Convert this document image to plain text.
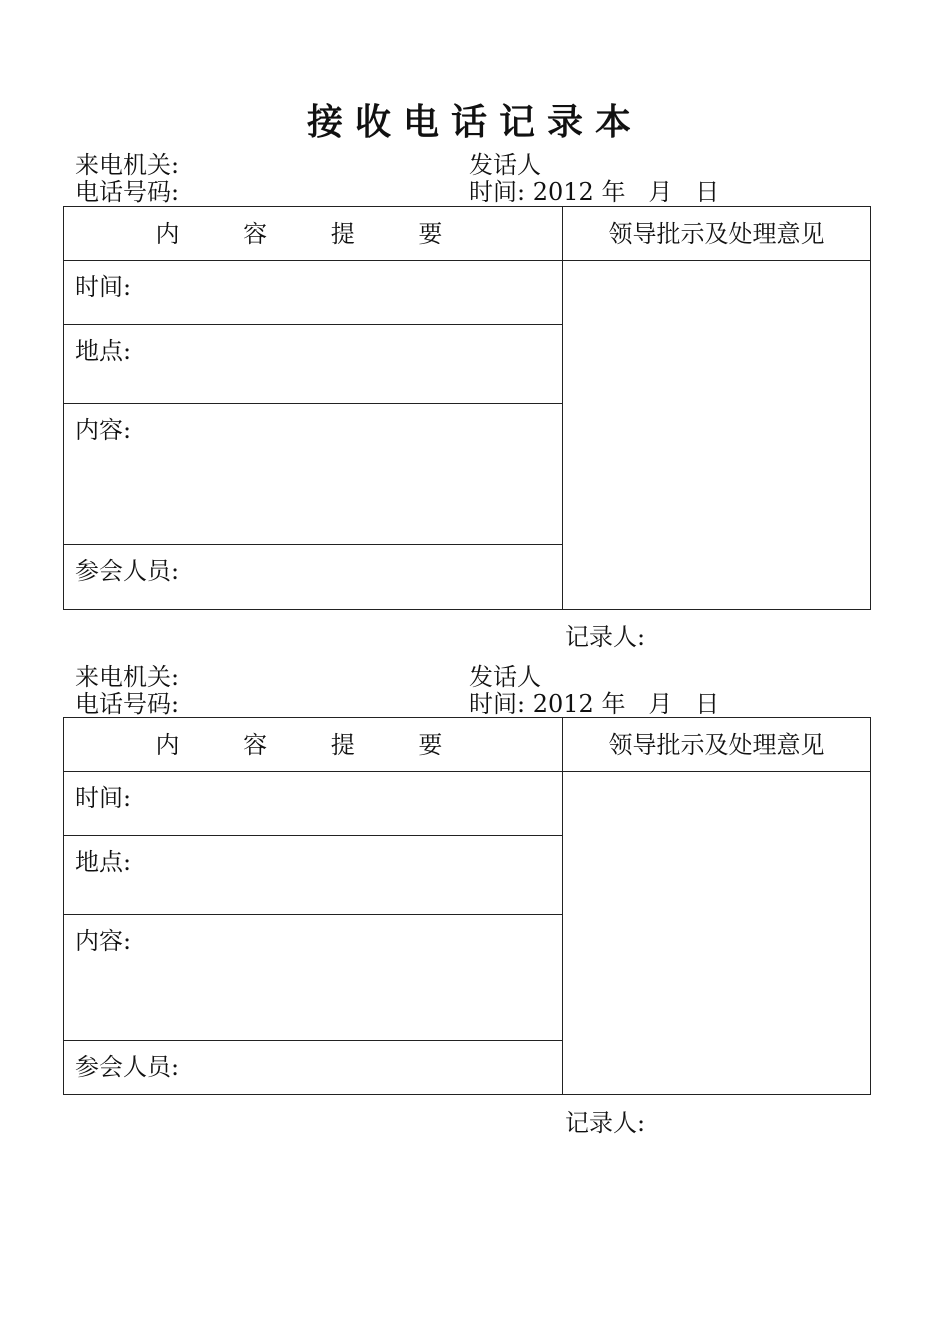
接收电话记录本
来电机关:	发话人
电话号码:	时间: 2012 年 月 日
内 容 提 要	领导批示及处理意见
时间:	
地点:	
内容:	
参会人员:	
记录人:
来电机关:	发话人
电话号码:	时间: 2012 年 月 日
内 容 提 要	领导批示及处理意见
时间:	
地点:	
内容:	
参会人员:	
记录人:
